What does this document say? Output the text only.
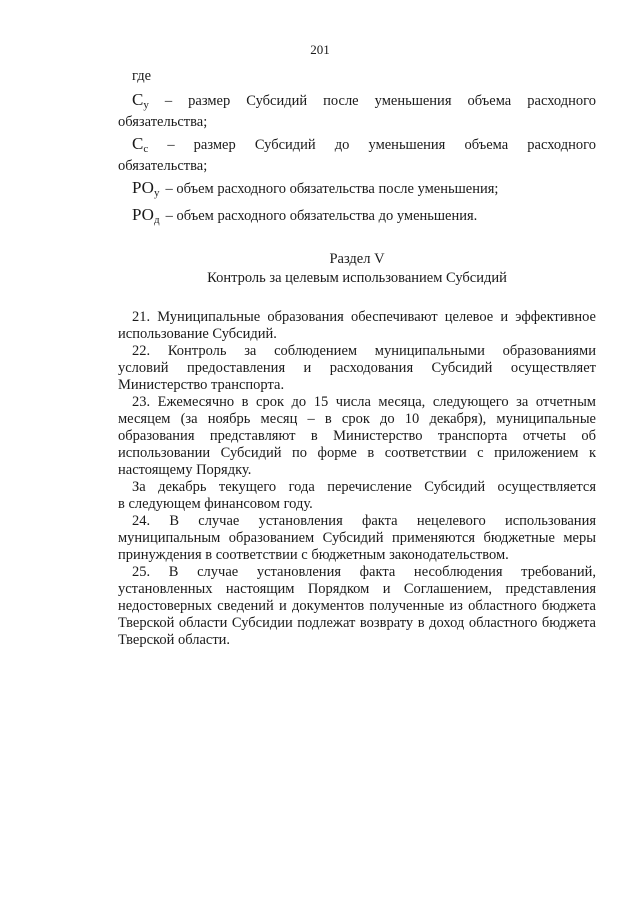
201

где

$C_у$ – размер Субсидий после уменьшения объема расходного

обязательства;

$C_с$ – размер Субсидий до уменьшения объема расходного

обязательства;

$РО_у$ – объем расходного обязательства после уменьшения;
$РО_д$ – объем расходного обязательства до уменьшения.

Раздел V

Контроль за целевым использованием Субсидий

21. Муниципальные образования обеспечивают целевое и эффективное

использование Субсидий.

22. Контроль за соблюдением муниципальными образованиями

условий предоставления и расходования Субсидий осуществляет

Министерство транспорта.

23. Ежемесячно в срок до 15 числа месяца, следующего за отчетным

месяцем (за ноябрь месяц – в срок до 10 декабря), муниципальные

образования представляют в Министерство транспорта отчеты об

использовании Субсидий по форме в соответствии с приложением к

настоящему Порядку.

За декабрь текущего года перечисление Субсидий осуществляется

в следующем финансовом году.

24. В случае установления факта нецелевого использования

муниципальным образованием Субсидий применяются бюджетные меры

принуждения в соответствии с бюджетным законодательством.

25. В случае установления факта несоблюдения требований,

установленных настоящим Порядком и Соглашением, представления

недостоверных сведений и документов полученные из областного бюджета

Тверской области Субсидии подлежат возврату в доход областного бюджета

Тверской области.
